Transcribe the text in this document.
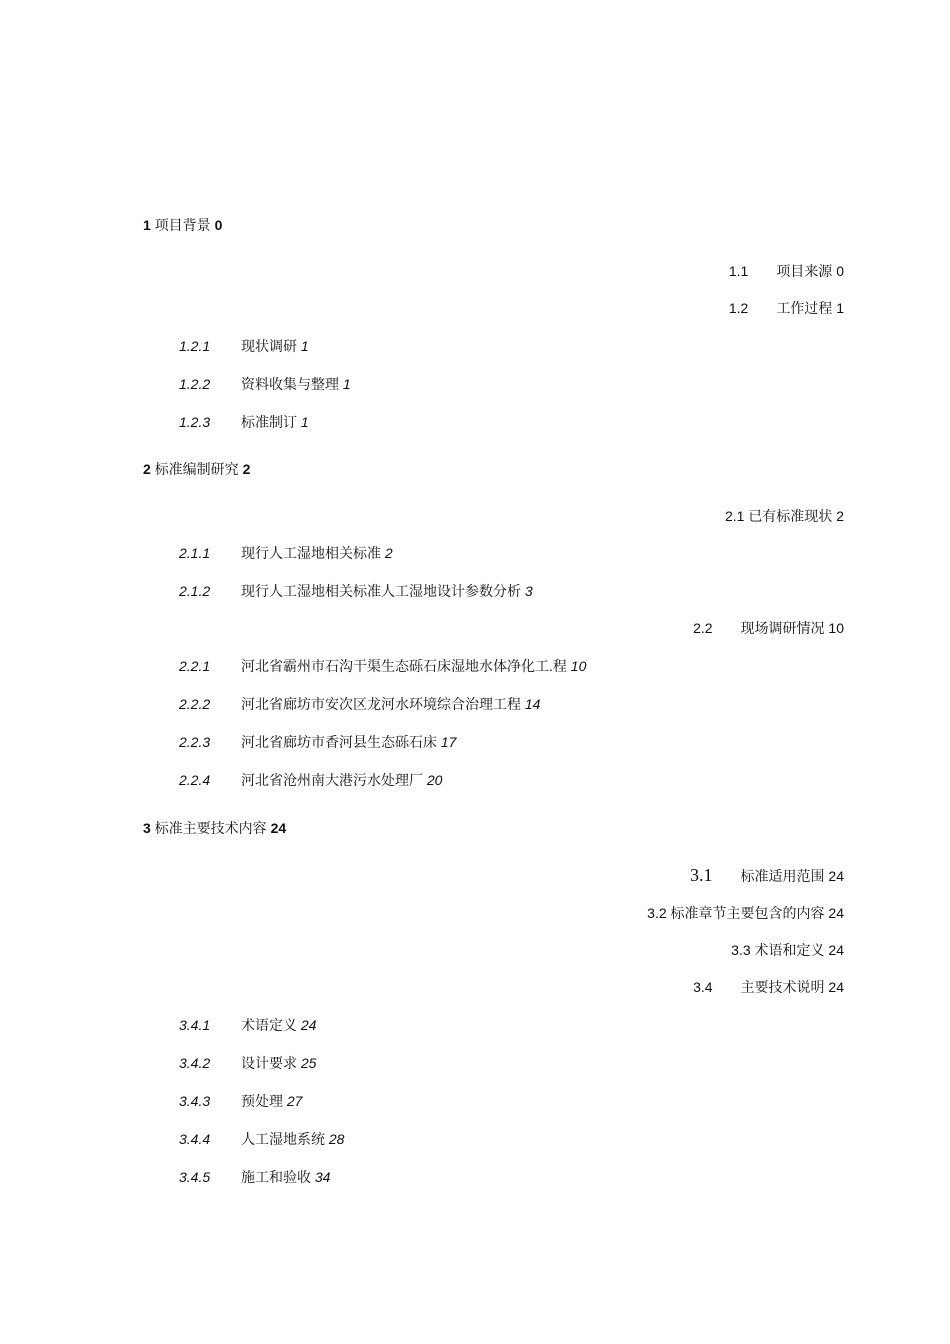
1 项目背景 0
1.1 项目来源 0
1.2 工作过程 1
1.2.1 现状调研 1
1.2.2 资料收集与整理 1
1.2.3 标准制订 1
2 标准编制研究 2
2.1 已有标准现状 2
2.1.1 现行人工湿地相关标准 2
2.1.2 现行人工湿地相关标准人工湿地设计参数分析 3
2.2 现场调研情况 10
2.2.1 河北省霸州市石沟干渠生态砾石床湿地水体净化工.程 10
2.2.2 河北省廊坊市安次区龙河水环境综合治理工程 14
2.2.3 河北省廊坊市香河县生态砾石床 17
2.2.4 河北省沧州南大港污水处理厂 20
3 标准主要技术内容 24
3.1 标准适用范围 24
3.2 标准章节主要包含的内容 24
3.3 术语和定义 24
3.4 主要技术说明 24
3.4.1 术语定义 24
3.4.2 设计要求 25
3.4.3 预处理 27
3.4.4 人工湿地系统 28
3.4.5 施工和验收 34
